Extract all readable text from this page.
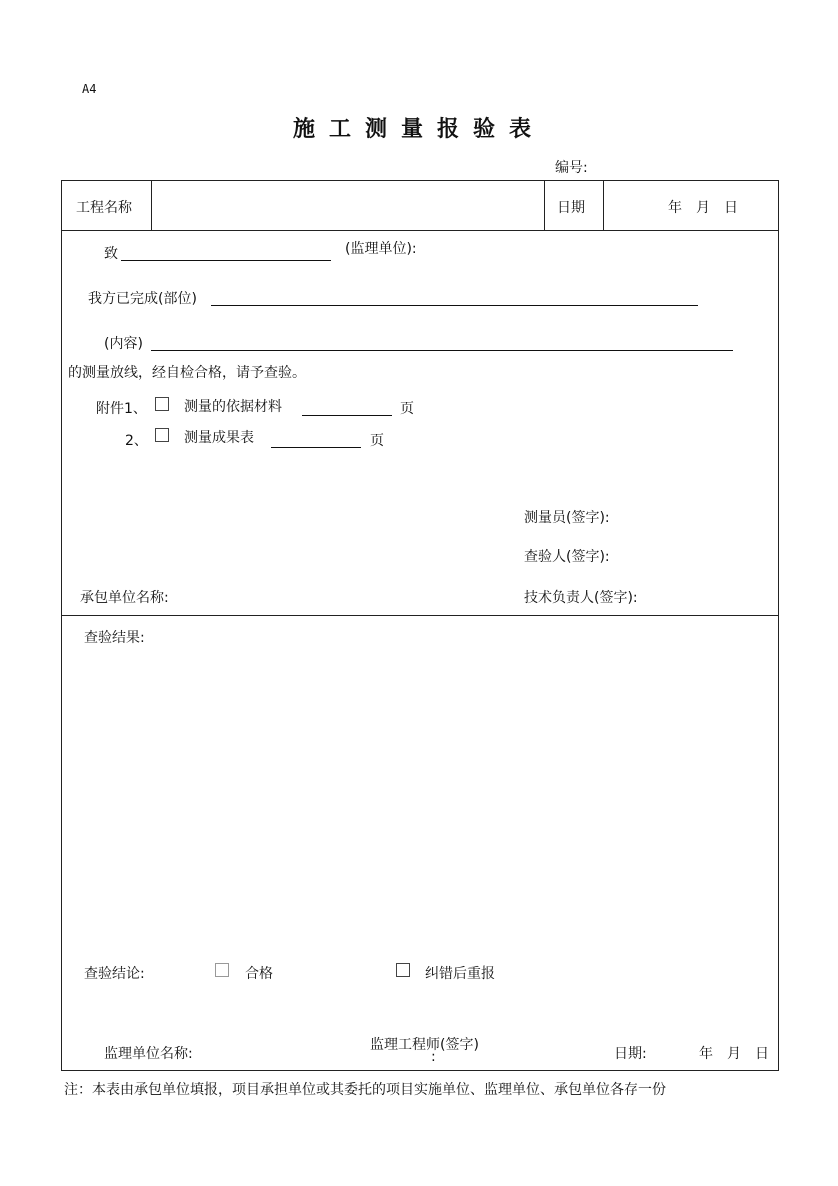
A4
施工测量报验表
编号:
工程名称	日期	年　月　日
致	(监理单位):
我方已完成(部位)
(内容)
的测量放线，经自检合格，请予查验。
附件1、	测量的依据材料	页
2、	测量成果表	页
测量员(签字):
查验人(签字):
承包单位名称:	技术负责人(签字):
查验结果:
查验结论:	合格	纠错后重报
监理单位名称:
监理工程师(签字)
:	日期:	年　月　日
注：本表由承包单位填报，项目承担单位或其委托的项目实施单位、监理单位、承包单位各存一份
